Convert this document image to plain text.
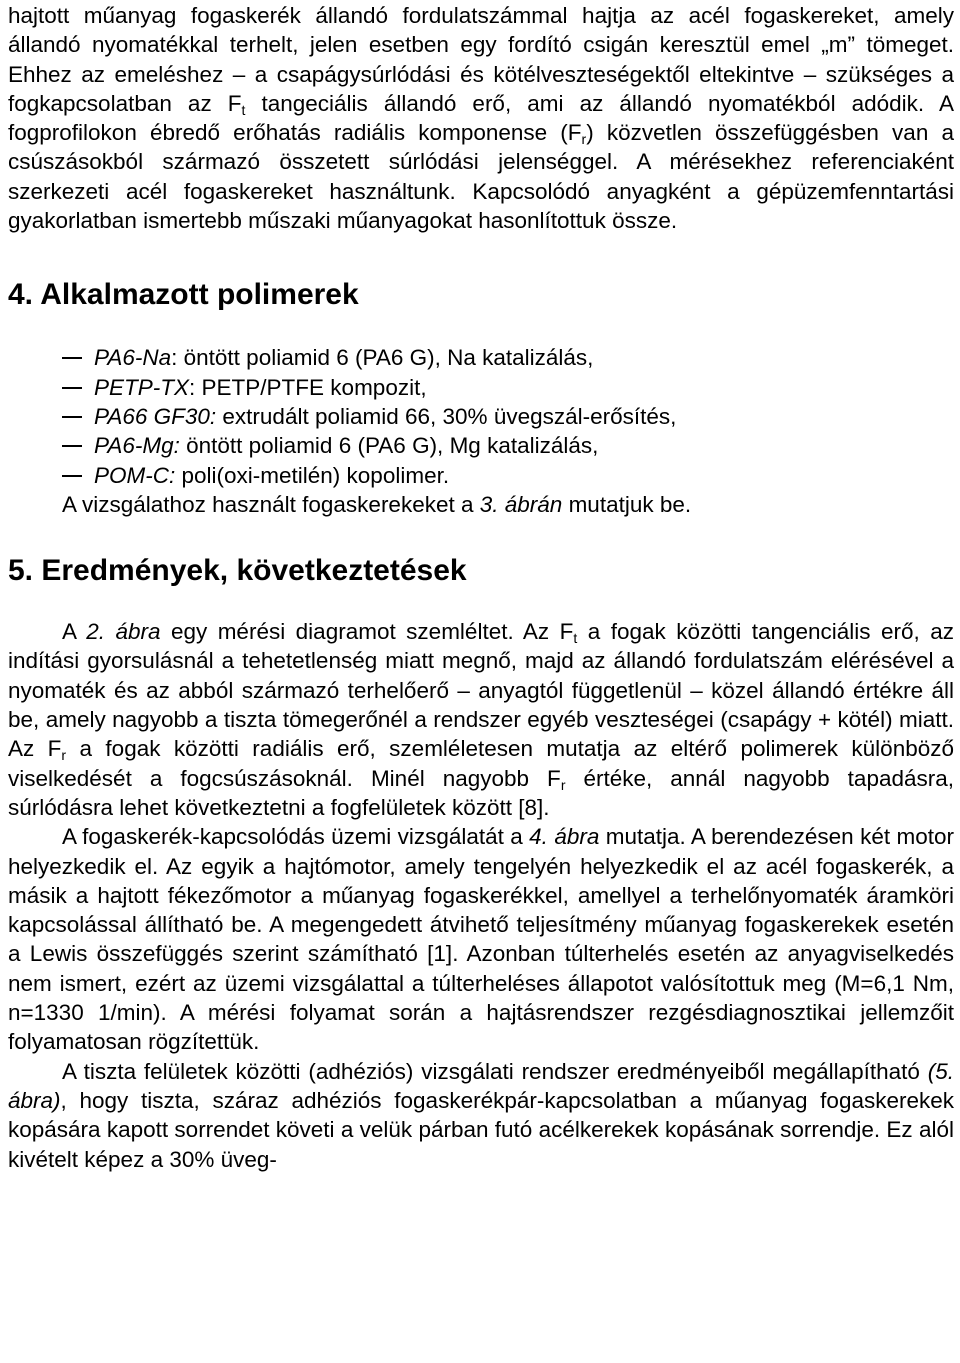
hajtott műanyag fogaskerék állandó fordulatszámmal hajtja az acél fogaskereket, amely állandó nyomatékkal terhelt, jelen esetben egy fordító csigán keresztül emel „m” tömeget. Ehhez az emeléshez – a csapágysúrlódási és kötélveszteségektől eltekintve – szükséges a fogkapcsolatban az $F_t$ tangeciális állandó erő, ami az állandó nyomatékból adódik. A fogprofilokon ébredő erőhatás radiális komponense $(F_r)$ közvetlen összefüggésben van a csúszásokból származó összetett súrlódási jelenséggel. A mérésekhez referenciaként szerkezeti acél fogaskereket használtunk. Kapcsolódó anyagként a gépüzemfenntartási gyakorlatban ismertebb műszaki műanyagokat hasonlítottuk össze.

4. Alkalmazott polimerek
PA6-Na: öntött poliamid 6 (PA6 G), Na katalizálás,
PETP-TX: PETP/PTFE kompozit,
PA66 GF30: extrudált poliamid 66, 30% üvegszál-erősítés,
PA6-Mg: öntött poliamid 6 (PA6 G), Mg katalizálás,
POM-C: poli(oxi-metilén) kopolimer.

A vizsgálathoz használt fogaskerekeket a 3. ábrán mutatjuk be.

5. Eredmények, következtetések

A 2. ábra egy mérési diagramot szemléltet. Az $F_t$ a fogak közötti tangenciális erő, az indítási gyorsulásnál a tehetetlenség miatt megnő, majd az állandó fordulatszám elérésével a nyomaték és az abból származó terhelőerő – anyagtól függetlenül – közel állandó értékre áll be, amely nagyobb a tiszta tömegerőnél a rendszer egyéb veszteségei (csapágy + kötél) miatt. Az $F_r$ a fogak közötti radiális erő, szemléletesen mutatja az eltérő polimerek különböző viselkedését a fogcsúszásoknál. Minél nagyobb $F_r$ értéke, annál nagyobb tapadásra, súrlódásra lehet következtetni a fogfelületek között [8].

A fogaskerék-kapcsolódás üzemi vizsgálatát a 4. ábra mutatja. A berendezésen két motor helyezkedik el. Az egyik a hajtómotor, amely tengelyén helyezkedik el az acél fogaskerék, a másik a hajtott fékezőmotor a műanyag fogaskerékkel, amellyel a terhelőnyomaték áramköri kapcsolással állítható be. A megengedett átvihető teljesítmény műanyag fogaskerekek esetén a Lewis összefüggés szerint számítható [1]. Azonban túlterhelés esetén az anyagviselkedés nem ismert, ezért az üzemi vizsgálattal a túlterheléses állapotot valósítottuk meg (M=6,1 Nm, n=1330 1/min). A mérési folyamat során a hajtásrendszer rezgésdiagnosztikai jellemzőit folyamatosan rögzítettük.

A tiszta felületek közötti (adhéziós) vizsgálati rendszer eredményeiből megállapítható (5. ábra), hogy tiszta, száraz adhéziós fogaskerékpár-kapcsolatban a műanyag fogaskerekek kopására kapott sorrendet követi a velük párban futó acélkerekek kopásának sorrendje. Ez alól kivételt képez a 30% üveg-
